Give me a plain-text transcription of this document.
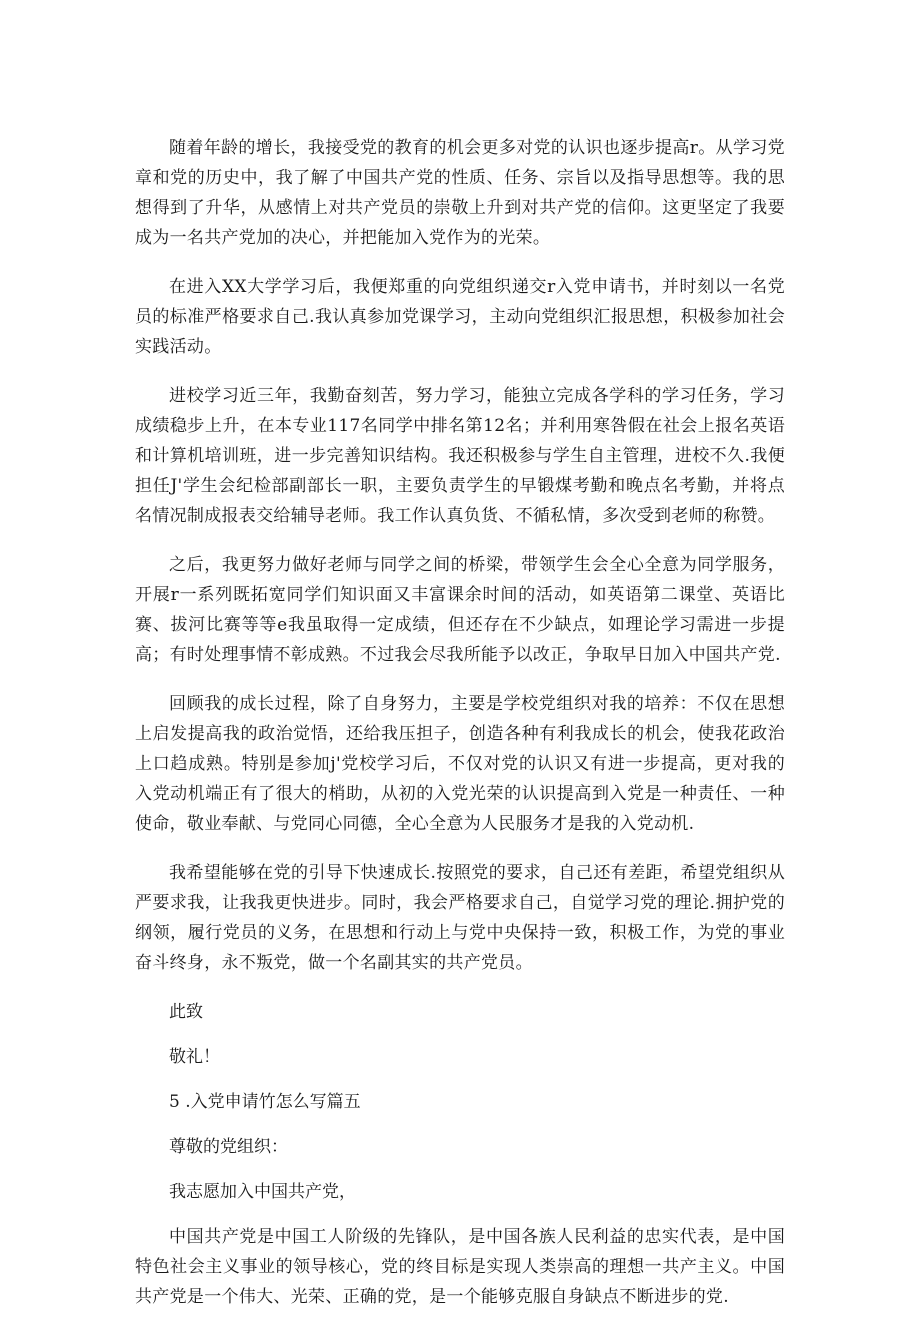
随着年龄的增长，我接受党的教育的机会更多对党的认识也逐步提高r。从学习党章和党的历史中，我了解了中国共产党的性质、任务、宗旨以及指导思想等。我的思想得到了升华，从感情上对共产党员的崇敬上升到对共产党的信仰。这更坚定了我要成为一名共产党加的决心，并把能加入党作为的光荣。

在进入XX大学学习后，我便郑重的向党组织递交r入党申请书，并时刻以一名党员的标准严格要求自己.我认真参加党课学习，主动向党组织汇报思想，积极参加社会实践活动。

进校学习近三年，我勤奋刻苦，努力学习，能独立完成各学科的学习任务，学习成绩稳步上升，在本专业117名同学中排名第12名；并利用寒咎假在社会上报名英语和计算机培训班，进一步完善知识结构。我还积极参与学生自主管理，进校不久.我便担任J'学生会纪检部副部长一职，主要负责学生的早锻煤考勤和晚点名考勤，并将点名情况制成报表交给辅导老师。我工作认真负货、不循私情，多次受到老师的称赞。

之后，我更努力做好老师与同学之间的桥梁，带领学生会全心全意为同学服务，开展r一系列既拓宽同学们知识面又丰富课余时间的活动，如英语第二课堂、英语比赛、拔河比赛等等e我虽取得一定成绩，但还存在不少缺点，如理论学习需进一步提高；有时处理事情不彰成熟。不过我会尽我所能予以改正，争取早日加入中国共产党.

回顾我的成长过程，除了自身努力，主要是学校党组织对我的培养：不仅在思想上启发提高我的政治觉悟，还给我压担子，创造各种有利我成长的机会，使我花政治上口趋成熟。特别是参加j'党校学习后，不仅对党的认识又有进一步提高，更对我的入党动机端正有了很大的梢助，从初的入党光荣的认识提高到入党是一种责任、一种使命，敬业奉献、与党同心同德，全心全意为人民服务才是我的入党动机.

我希望能够在党的引导下快速成长.按照党的要求，自己还有差距，希望党组织从严要求我，让我我更快进步。同时，我会严格要求自己，自觉学习党的理论.拥护党的纲领，履行党员的义务，在思想和行动上与党中央保持一致，积极工作，为党的事业奋斗终身，永不叛党，做一个名副其实的共产党员。

此致

敬礼！

5 .入党申请竹怎么写篇五

尊敬的党组织：

我志愿加入中国共产党，

中国共产党是中国工人阶级的先锋队，是中国各族人民利益的忠实代表，是中国特色社会主义事业的领导核心，党的终目标是实现人类崇高的理想一共产主义。中国共产党是一个伟大、光荣、正确的党，是一个能够克服自身缺点不断进步的党.
